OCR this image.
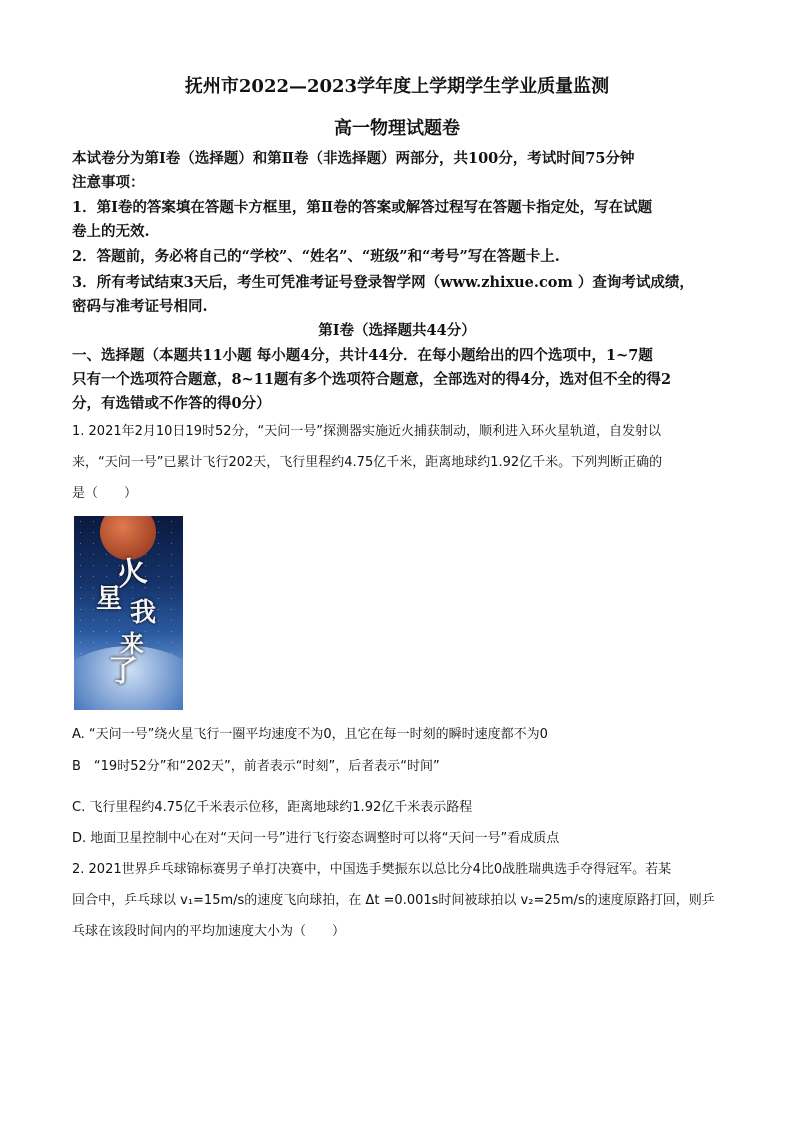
抚州市2022—2023学年度上学期学生学业质量监测
高一物理试题卷
本试卷分为第Ⅰ卷（选择题）和第Ⅱ卷（非选择题）两部分，共100分，考试时间75分钟
注意事项：
1．第Ⅰ卷的答案填在答题卡方框里，第Ⅱ卷的答案或解答过程写在答题卡指定处，写在试题
卷上的无效.
2．答题前，务必将自己的“学校”、“姓名”、“班级”和“考号”写在答题卡上.
3．所有考试结束3天后，考生可凭准考证号登录智学网（www.zhixue.com ）查询考试成绩，
密码与准考证号相同.
第Ⅰ卷（选择题共44分）
一、选择题（本题共11小题 每小题4分，共计44分．在每小题给出的四个选项中，1~7题
只有一个选项符合题意，8~11题有多个选项符合题意，全部选对的得4分，选对但不全的得2
分，有选错或不作答的得0分）
1. 2021年2月10日19时52分，“天问一号”探测器实施近火捕获制动，顺利进入环火星轨道，自发射以
来，“天问一号”已累计飞行202天，飞行里程约4.75亿千米，距离地球约1.92亿千米。下列判断正确的
是（　　）
火
星 我
来
了
A. “天问一号”绕火星飞行一圈平均速度不为0，且它在每一时刻的瞬时速度都不为0
B　“19时52分”和“202天”，前者表示“时刻”，后者表示“时间”
C. 飞行里程约4.75亿千米表示位移，距离地球约1.92亿千米表示路程
D. 地面卫星控制中心在对“天问一号”进行飞行姿态调整时可以将“天问一号”看成质点
2. 2021世界乒乓球锦标赛男子单打决赛中，中国选手樊振东以总比分4比0战胜瑞典选手夺得冠军。若某
回合中，乒乓球以 v₁=15m/s的速度飞向球拍，在 Δt =0.001s时间被球拍以 v₂=25m/s的速度原路打回，则乒
乓球在该段时间内的平均加速度大小为（　　）
